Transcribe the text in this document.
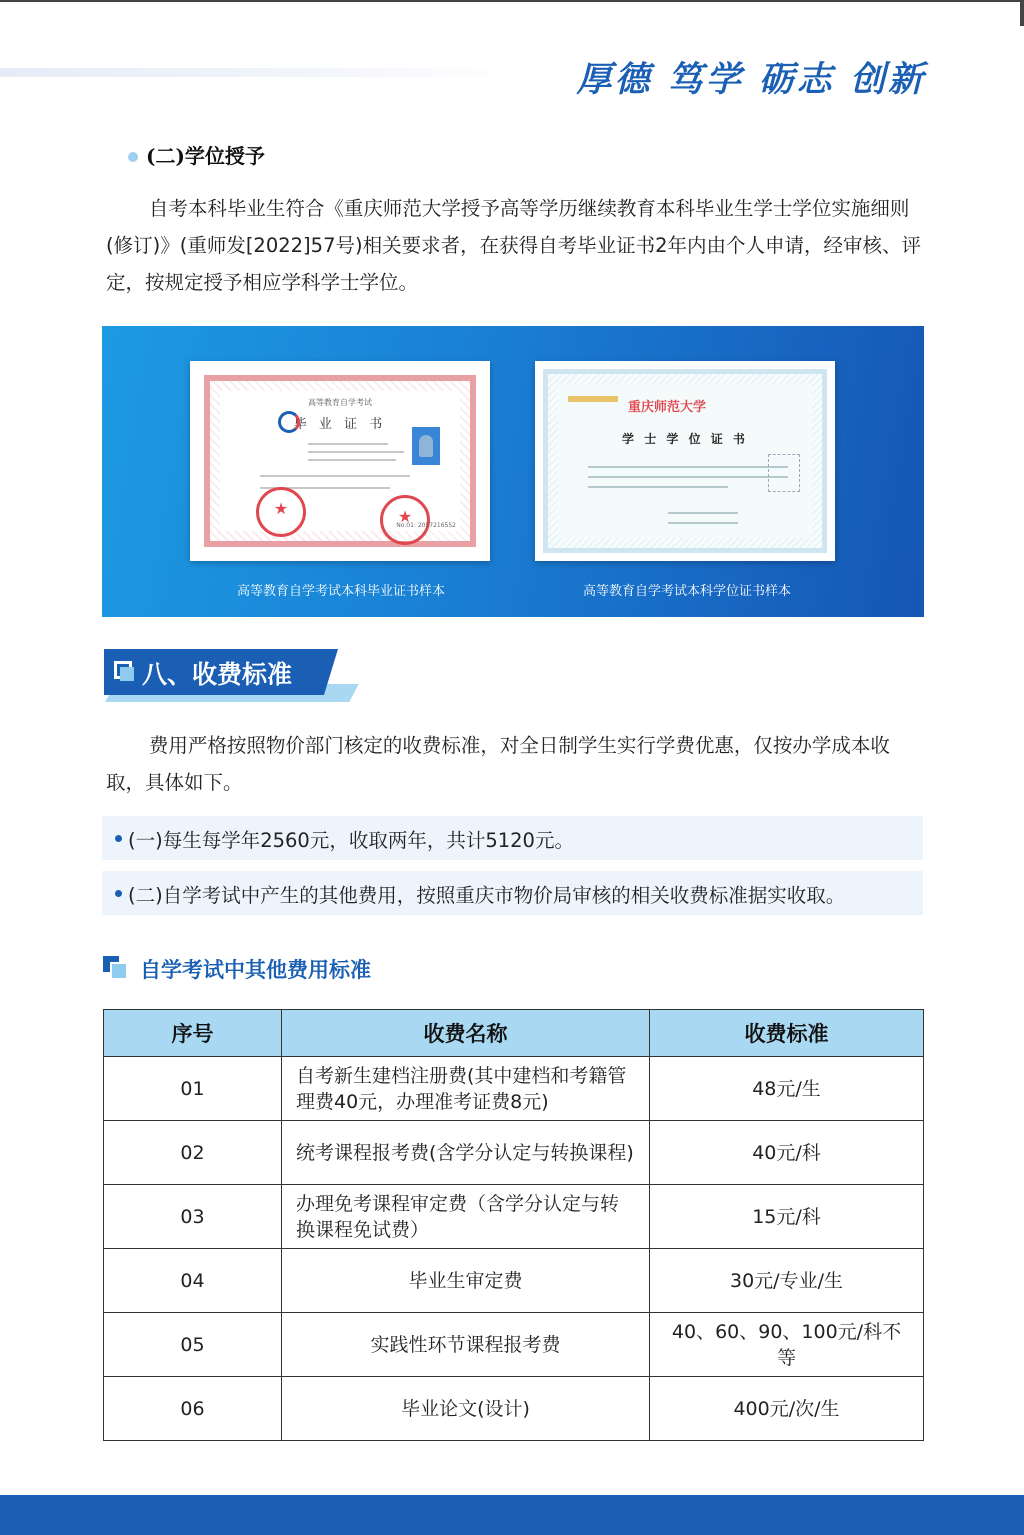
厚德 笃学 砺志 创新
(二)学位授予

自考本科毕业生符合《重庆师范大学授予高等学历继续教育本科毕业生学士学位实施细则(修订)》(重师发[2022]57号)相关要求者，在获得自考毕业证书2年内由个人申请，经审核、评定，按规定授予相应学科学士学位。

高等教育自学考试
毕 业 证 书
★
★
No.01: 2057216552
重庆师范大学
学 士 学 位 证 书
高等教育自学考试本科毕业证书样本	高等教育自学考试本科学位证书样本
八、收费标准

费用严格按照物价部门核定的收费标准，对全日制学生实行学费优惠，仅按办学成本收取，具体如下。

(一)每生每学年2560元，收取两年，共计5120元。
(二)自学考试中产生的其他费用，按照重庆市物价局审核的相关收费标准据实收取。
自学考试中其他费用标准
序号	收费名称	收费标准
01	自考新生建档注册费(其中建档和考籍管理费40元，办理准考证费8元)	48元/生
02	统考课程报考费(含学分认定与转换课程)	40元/科
03	办理免考课程审定费（含学分认定与转换课程免试费）	15元/科
04	毕业生审定费	30元/专业/生
05	实践性环节课程报考费	40、60、90、100元/科不等
06	毕业论文(设计)	400元/次/生
